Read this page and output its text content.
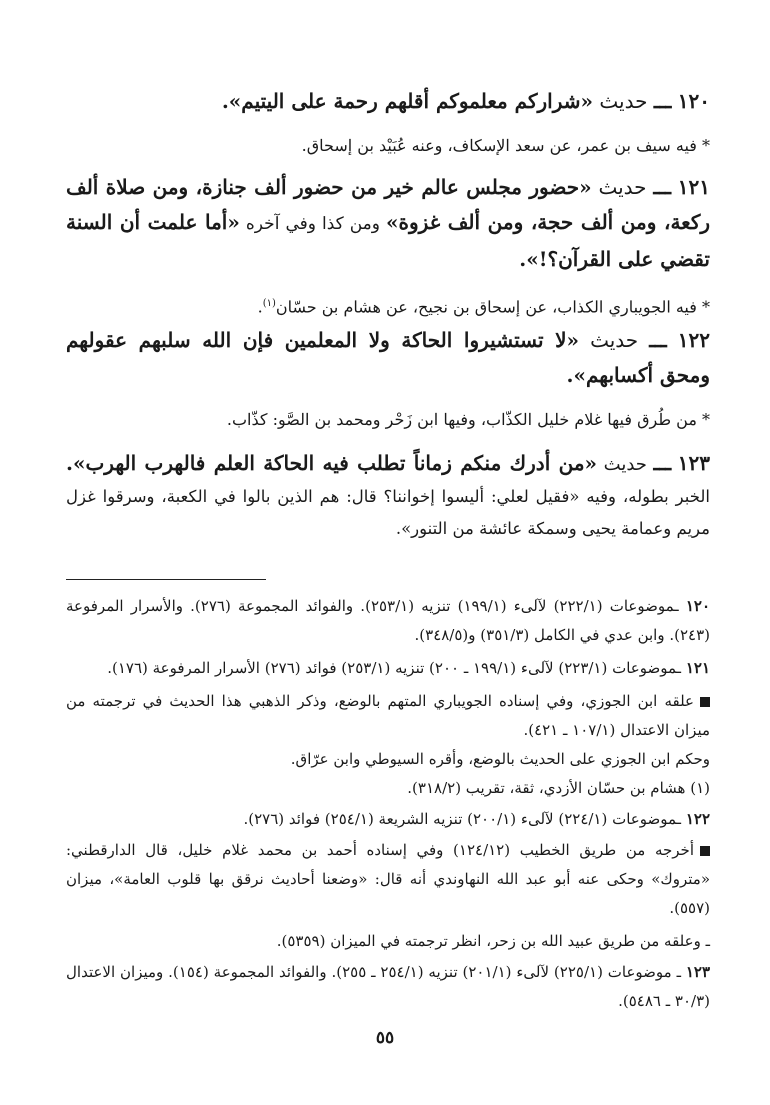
١٢٠ ـــ حديث «شراركم معلموكم أقلهم رحمة على اليتيم».
* فيه سيف بن عمر، عن سعد الإسكاف، وعنه عُبَيْد بن إسحاق.
١٢١ ـــ حديث «حضور مجلس عالم خير من حضور ألف جنازة، ومن صلاة ألف ركعة، ومن ألف حجة، ومن ألف غزوة» ومن كذا وفي آخره «أما علمت أن السنة تقضي على القرآن؟!».
* فيه الجويباري الكذاب، عن إسحاق بن نجيح، عن هشام بن حسّان$^{(١)}$.
١٢٢ ـــ حديث «لا تستشيروا الحاكة ولا المعلمين فإن الله سلبهم عقولهم ومحق أكسابهم».
* من طُرق فيها غلام خليل الكذّاب، وفيها ابن زَحْر ومحمد بن الصَّو: كذّاب.
١٢٣ ـــ حديث «من أدرك منكم زماناً تطلب فيه الحاكة العلم فالهرب الهرب». الخبر بطوله، وفيه «فقيل لعلي: أليسوا إخواننا؟ قال: هم الذين بالوا في الكعبة، وسرقوا غزل مريم وعمامة يحيى وسمكة عائشة من التنور».
١٢٠ ـموضوعات (٢٢٢/١) لآلىء (١٩٩/١) تنزيه (٢٥٣/١). والفوائد المجموعة (٢٧٦). والأسرار المرفوعة (٢٤٣). وابن عدي في الكامل (٣٥١/٣) و(٣٤٨/٥).
١٢١ ـموضوعات (٢٢٣/١) لآلىء (١٩٩/١ ـ ٢٠٠) تنزيه (٢٥٣/١) فوائد (٢٧٦) الأسرار المرفوعة (١٧٦).
علقه ابن الجوزي، وفي إسناده الجويباري المتهم بالوضع، وذكر الذهبي هذا الحديث في ترجمته من ميزان الاعتدال (١٠٧/١ ـ ٤٢١).
وحكم ابن الجوزي على الحديث بالوضع، وأقره السيوطي وابن عرّاق.
(١) هشام بن حسّان الأزدي، ثقة، تقريب (٣١٨/٢).
١٢٢ ـموضوعات (٢٢٤/١) لآلىء (٢٠٠/١) تنزيه الشريعة (٢٥٤/١) فوائد (٢٧٦).
أخرجه من طريق الخطيب (١٢٤/١٢) وفي إسناده أحمد بن محمد غلام خليل، قال الدارقطني: «متروك» وحكى عنه أبو عبد الله النهاوندي أنه قال: «وضعنا أحاديث نرقق بها قلوب العامة»، ميزان (٥٥٧).
ـ وعلقه من طريق عبيد الله بن زحر، انظر ترجمته في الميزان (٥٣٥٩).
١٢٣ ـ موضوعات (٢٢٥/١) لآلىء (٢٠١/١) تنزيه (٢٥٤/١ ـ ٢٥٥). والفوائد المجموعة (١٥٤). وميزان الاعتدال (٣٠/٣ ـ ٥٤٨٦).
٥٥
